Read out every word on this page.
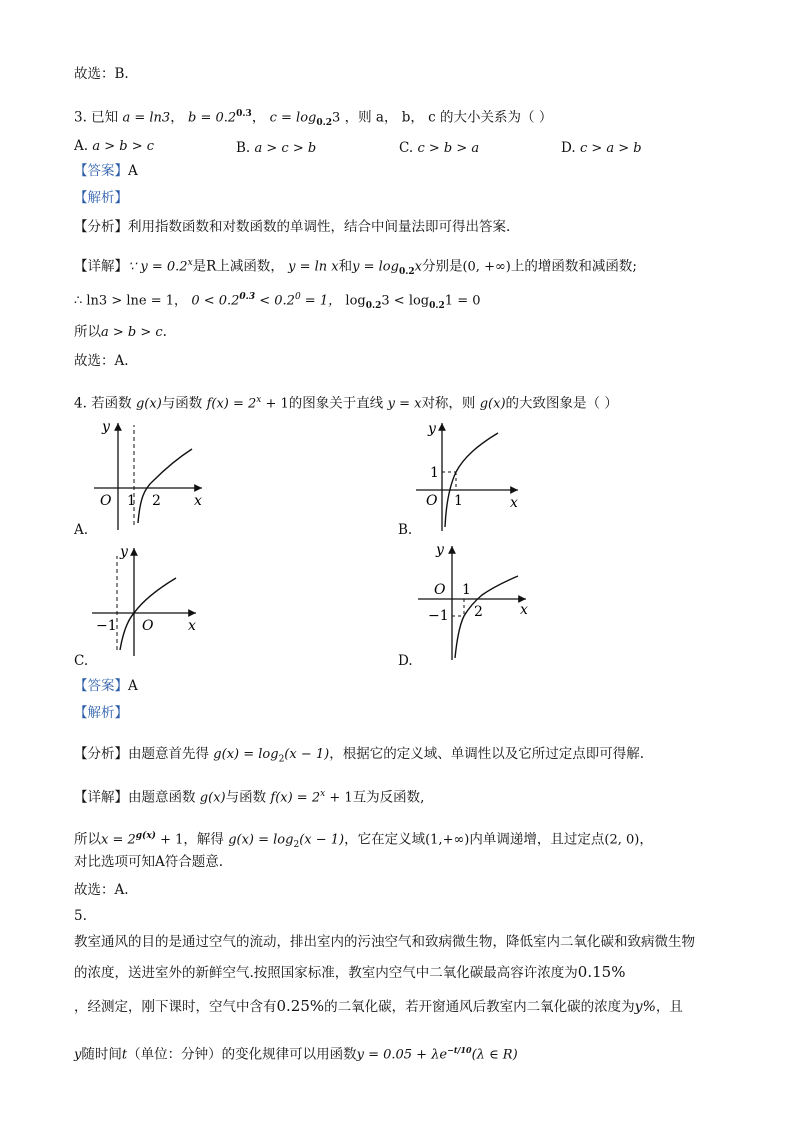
故选：B.
3. 已知 a = ln3， $b = 0.2^{0.3}$， $c = \log_{0.2}3$ ，则 a， b， c 的大小关系为（ ）
A. a > b > c	B. a > c > b	C. c > b > a	D. c > a > b
【答案】A
【解析】
【分析】利用指数函数和对数函数的单调性，结合中间量法即可得出答案.
【详解】∵ $y = 0.2^x$是R上减函数， y = ln x和$y = \log_{0.2}x$分别是(0, +∞)上的增函数和减函数;
∴ ln3 > lne = 1， $0 < 0.2^{0.3} < 0.2^0 = 1$， $\log_{0.2}3 < \log_{0.2}1 = 0$
所以a > b > c.
故选：A.
4. 若函数 g(x)与函数 $f(x) = 2^x + 1$的图象关于直线 y = x对称，则 g(x)的大致图象是（ ）
O 1 2 x
y
A.
1
O 1	x
y
B.
−1 O x
y
C.
O 1
2
−1	x
y
D.
【答案】A
【解析】
【分析】由题意首先得 $g(x) = \log_2(x - 1)$，根据它的定义域、单调性以及它所过定点即可得解.
【详解】由题意函数 g(x)与函数 $f(x) = 2^x + 1$互为反函数,
所以$x = 2^{g(x)} + 1$，解得 $g(x) = \log_2(x - 1)$，它在定义域(1,+∞)内单调递增，且过定点(2, 0)，
对比选项可知A符合题意.
故选：A.
5.
教室通风的目的是通过空气的流动，排出室内的污浊空气和致病微生物，降低室内二氧化碳和致病微生物
的浓度，送进室外的新鲜空气.按照国家标准，教室内空气中二氧化碳最高容许浓度为0.15%
，经测定，刚下课时，空气中含有0.25%的二氧化碳，若开窗通风后教室内二氧化碳的浓度为y%，且
y随时间t（单位：分钟）的变化规律可以用函数$y = 0.05 + \lambda e^{-t/10}(\lambda$ ∈ R)
